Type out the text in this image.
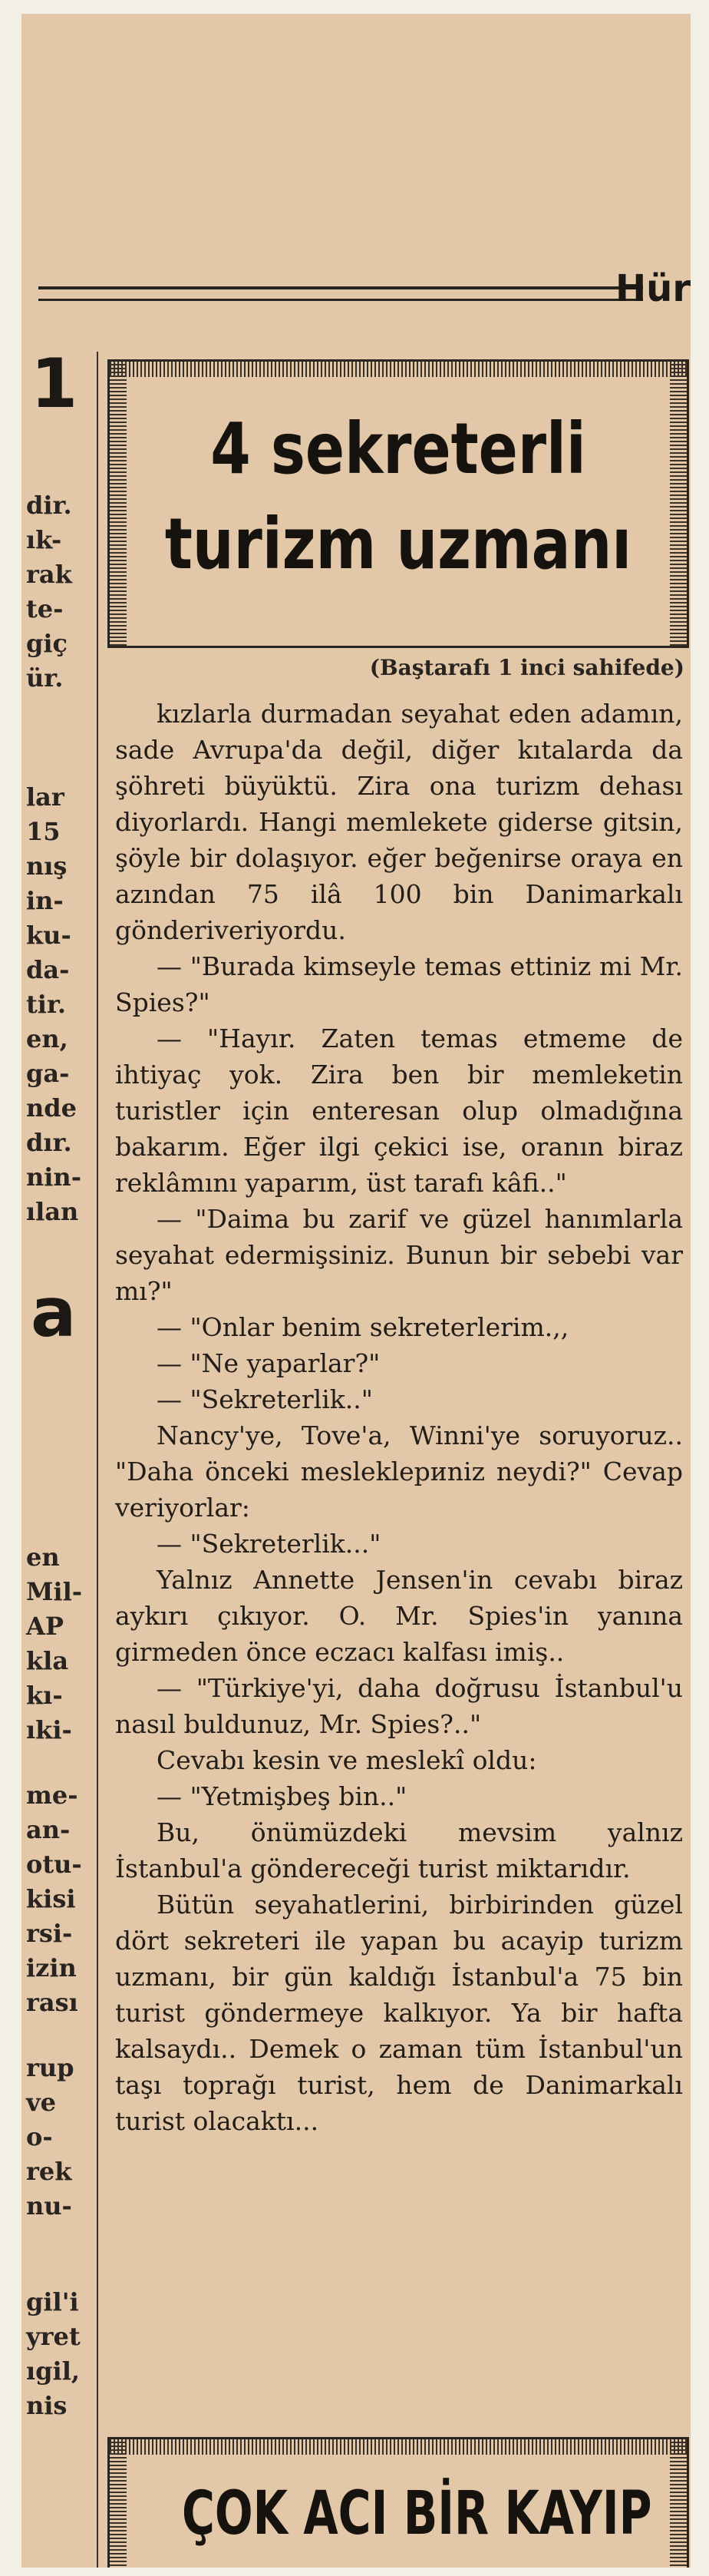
Hür
1
dir.
ık-
rak
te-
giç
ür.
lar
15
nış
in-
ku-
da-
tir.
en,
ga-
nde
dır.
nin-
ılan
a
en
Mil-
AP
kla
kı-
ıki-
me-
an-
otu-
kisi
rsi-
izin
rası
rup
ve
o-
rek
nu-
gil'i
yret
ıgil,
nis
4 sekreterli
turizm uzmanı
(Baştarafı 1 inci sahifede)

kızlarla durmadan seyahat eden adamın, sade Avrupa'da değil, diğer kıtalarda da şöhreti büyüktü. Zira ona turizm dehası diyorlardı. Hangi memlekete giderse gitsin, şöyle bir dolaşıyor. eğer beğenirse oraya en azından 75 ilâ 100 bin Danimarkalı gönderiveriyordu.

— "Burada kimseyle temas ettiniz mi Mr. Spies?"

— "Hayır. Zaten temas etmeme de ihtiyaç yok. Zira ben bir memleketin turistler için enteresan olup olmadığına bakarım. Eğer ilgi çekici ise, oranın biraz reklâmını yaparım, üst tarafı kâfi.."

— "Daima bu zarif ve güzel hanımlarla seyahat edermişsiniz. Bunun bir sebebi var mı?"

— "Onlar benim sekreterlerim.,,

— "Ne yaparlar?"

— "Sekreterlik.."

Nancy'ye, Tove'a, Winni'ye soruyoruz.. "Daha önceki mesleklериniz neydi?" Cevap veriyorlar:

— "Sekreterlik..."

Yalnız Annette Jensen'in cevabı biraz aykırı çıkıyor. O. Mr. Spies'in yanına girmeden önce eczacı kalfası imiş..

— "Türkiye'yi, daha doğrusu İstanbul'u nasıl buldunuz, Mr. Spies?.."

Cevabı kesin ve meslekî oldu:

— "Yetmişbeş bin.."

Bu, önümüzdeki mevsim yalnız İstanbul'a göndereceği turist miktarıdır.

Bütün seyahatlerini, birbirinden güzel dört sekreteri ile yapan bu acayip turizm uzmanı, bir gün kaldığı İstanbul'a 75 bin turist göndermeye kalkıyor. Ya bir hafta kalsaydı.. Demek o zaman tüm İstanbul'un taşı toprağı turist, hem de Danimarkalı turist olacaktı...

ÇOK ACI BİR KAYIP
